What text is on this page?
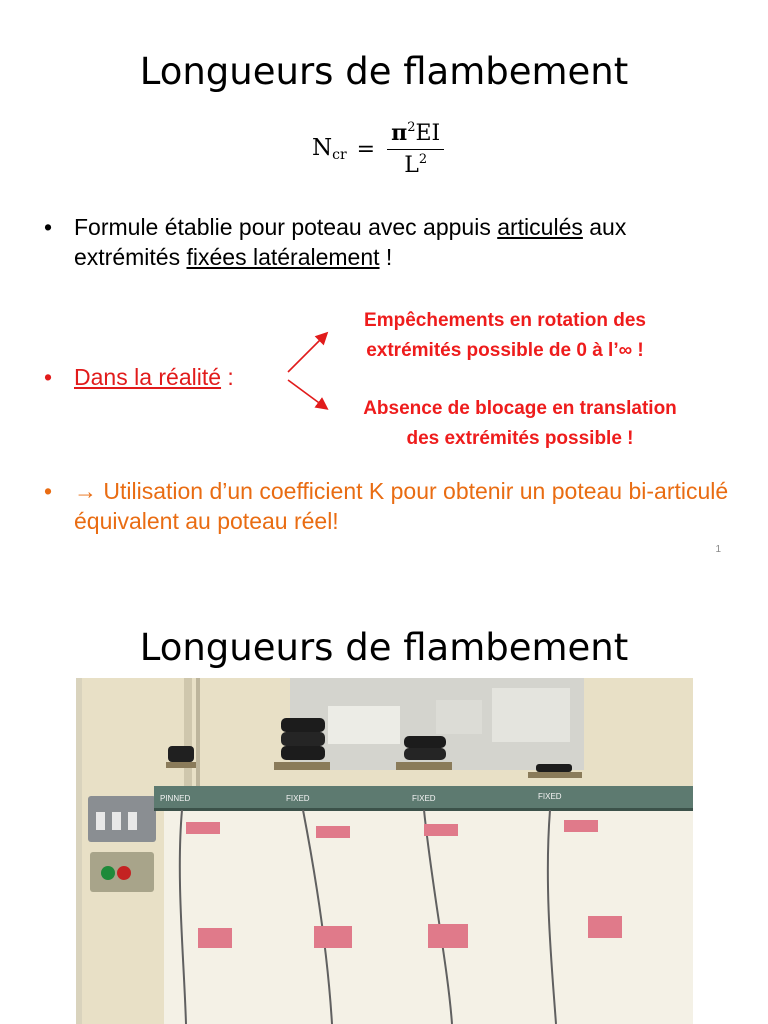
Longueurs de flambement
$N_{cr} = \frac{\pi^2EI}{L^2}$
• Formule établie pour poteau avec appuis articulés aux extrémités fixées latéralement !
• Dans la réalité :
Empêchements en rotation des
extrémités possible de 0 à l’∞ !
Absence de blocage en translation
des extrémités possible !
• → Utilisation d’un coefficient K pour obtenir un poteau bi-articulé équivalent au poteau réel!
1
Longueurs de flambement
PINNED	FIXED	FIXED	FIXED
